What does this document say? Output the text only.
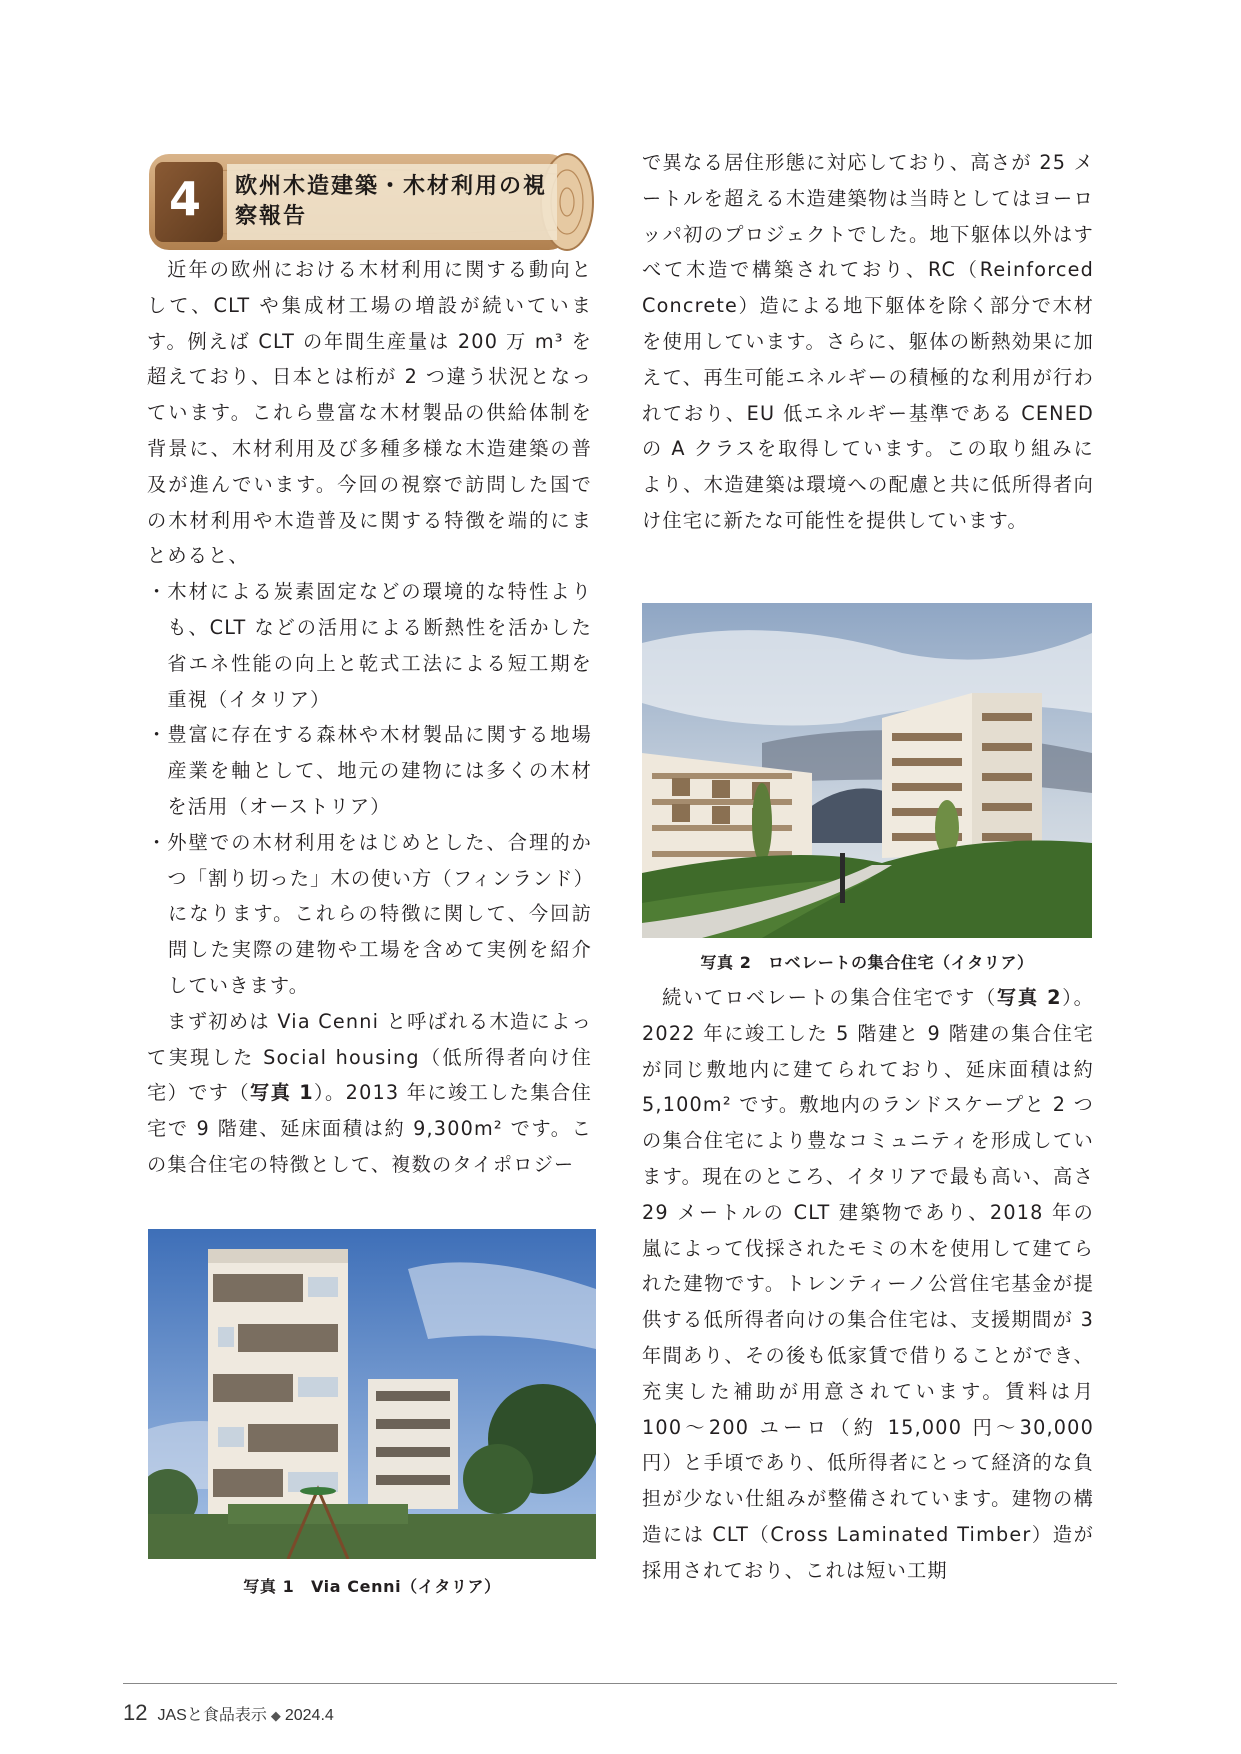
4 欧州木造建築・木材利用の視察報告

近年の欧州における木材利用に関する動向として、CLT や集成材工場の増設が続いています。例えば CLT の年間生産量は 200 万 m³ を超えており、日本とは桁が 2 つ違う状況となっています。これら豊富な木材製品の供給体制を背景に、木材利用及び多種多様な木造建築の普及が進んでいます。今回の視察で訪問した国での木材利用や木造普及に関する特徴を端的にまとめると、

・ 木材による炭素固定などの環境的な特性よりも、CLT などの活用による断熱性を活かした省エネ性能の向上と乾式工法による短工期を重視（イタリア）

・ 豊富に存在する森林や木材製品に関する地場産業を軸として、地元の建物には多くの木材を活用（オーストリア）

・ 外壁での木材利用をはじめとした、合理的かつ「割り切った」木の使い方（フィンランド）

になります。これらの特徴に関して、今回訪問した実際の建物や工場を含めて実例を紹介していきます。

まず初めは Via Cenni と呼ばれる木造によって実現した Social housing（低所得者向け住宅）です（写真 1）。2013 年に竣工した集合住宅で 9 階建、延床面積は約 9,300m² です。この集合住宅の特徴として、複数のタイポロジー

で異なる居住形態に対応しており、高さが 25 メートルを超える木造建築物は当時としてはヨーロッパ初のプロジェクトでした。地下躯体以外はすべて木造で構築されており、RC（Reinforced Concrete）造による地下躯体を除く部分で木材を使用しています。さらに、躯体の断熱効果に加えて、再生可能エネルギーの積極的な利用が行われており、EU 低エネルギー基準である CENED の A クラスを取得しています。この取り組みにより、木造建築は環境への配慮と共に低所得者向け住宅に新たな可能性を提供しています。

続いてロベレートの集合住宅です（写真 2）。2022 年に竣工した 5 階建と 9 階建の集合住宅が同じ敷地内に建てられており、延床面積は約 5,100m² です。敷地内のランドスケープと 2 つの集合住宅により豊なコミュニティを形成しています。現在のところ、イタリアで最も高い、高さ 29 メートルの CLT 建築物であり、2018 年の嵐によって伐採されたモミの木を使用して建てられた建物です。トレンティーノ公営住宅基金が提供する低所得者向けの集合住宅は、支援期間が 3 年間あり、その後も低家賃で借りることができ、充実した補助が用意されています。賃料は月 100～200 ユーロ（約 15,000 円～30,000 円）と手頃であり、低所得者にとって経済的な負担が少ない仕組みが整備されています。建物の構造には CLT（Cross Laminated Timber）造が採用されており、これは短い工期

写真 1　Via Cenni（イタリア）
写真 2　ロベレートの集合住宅（イタリア）
12 JASと食品表示 ◆ 2024.4
